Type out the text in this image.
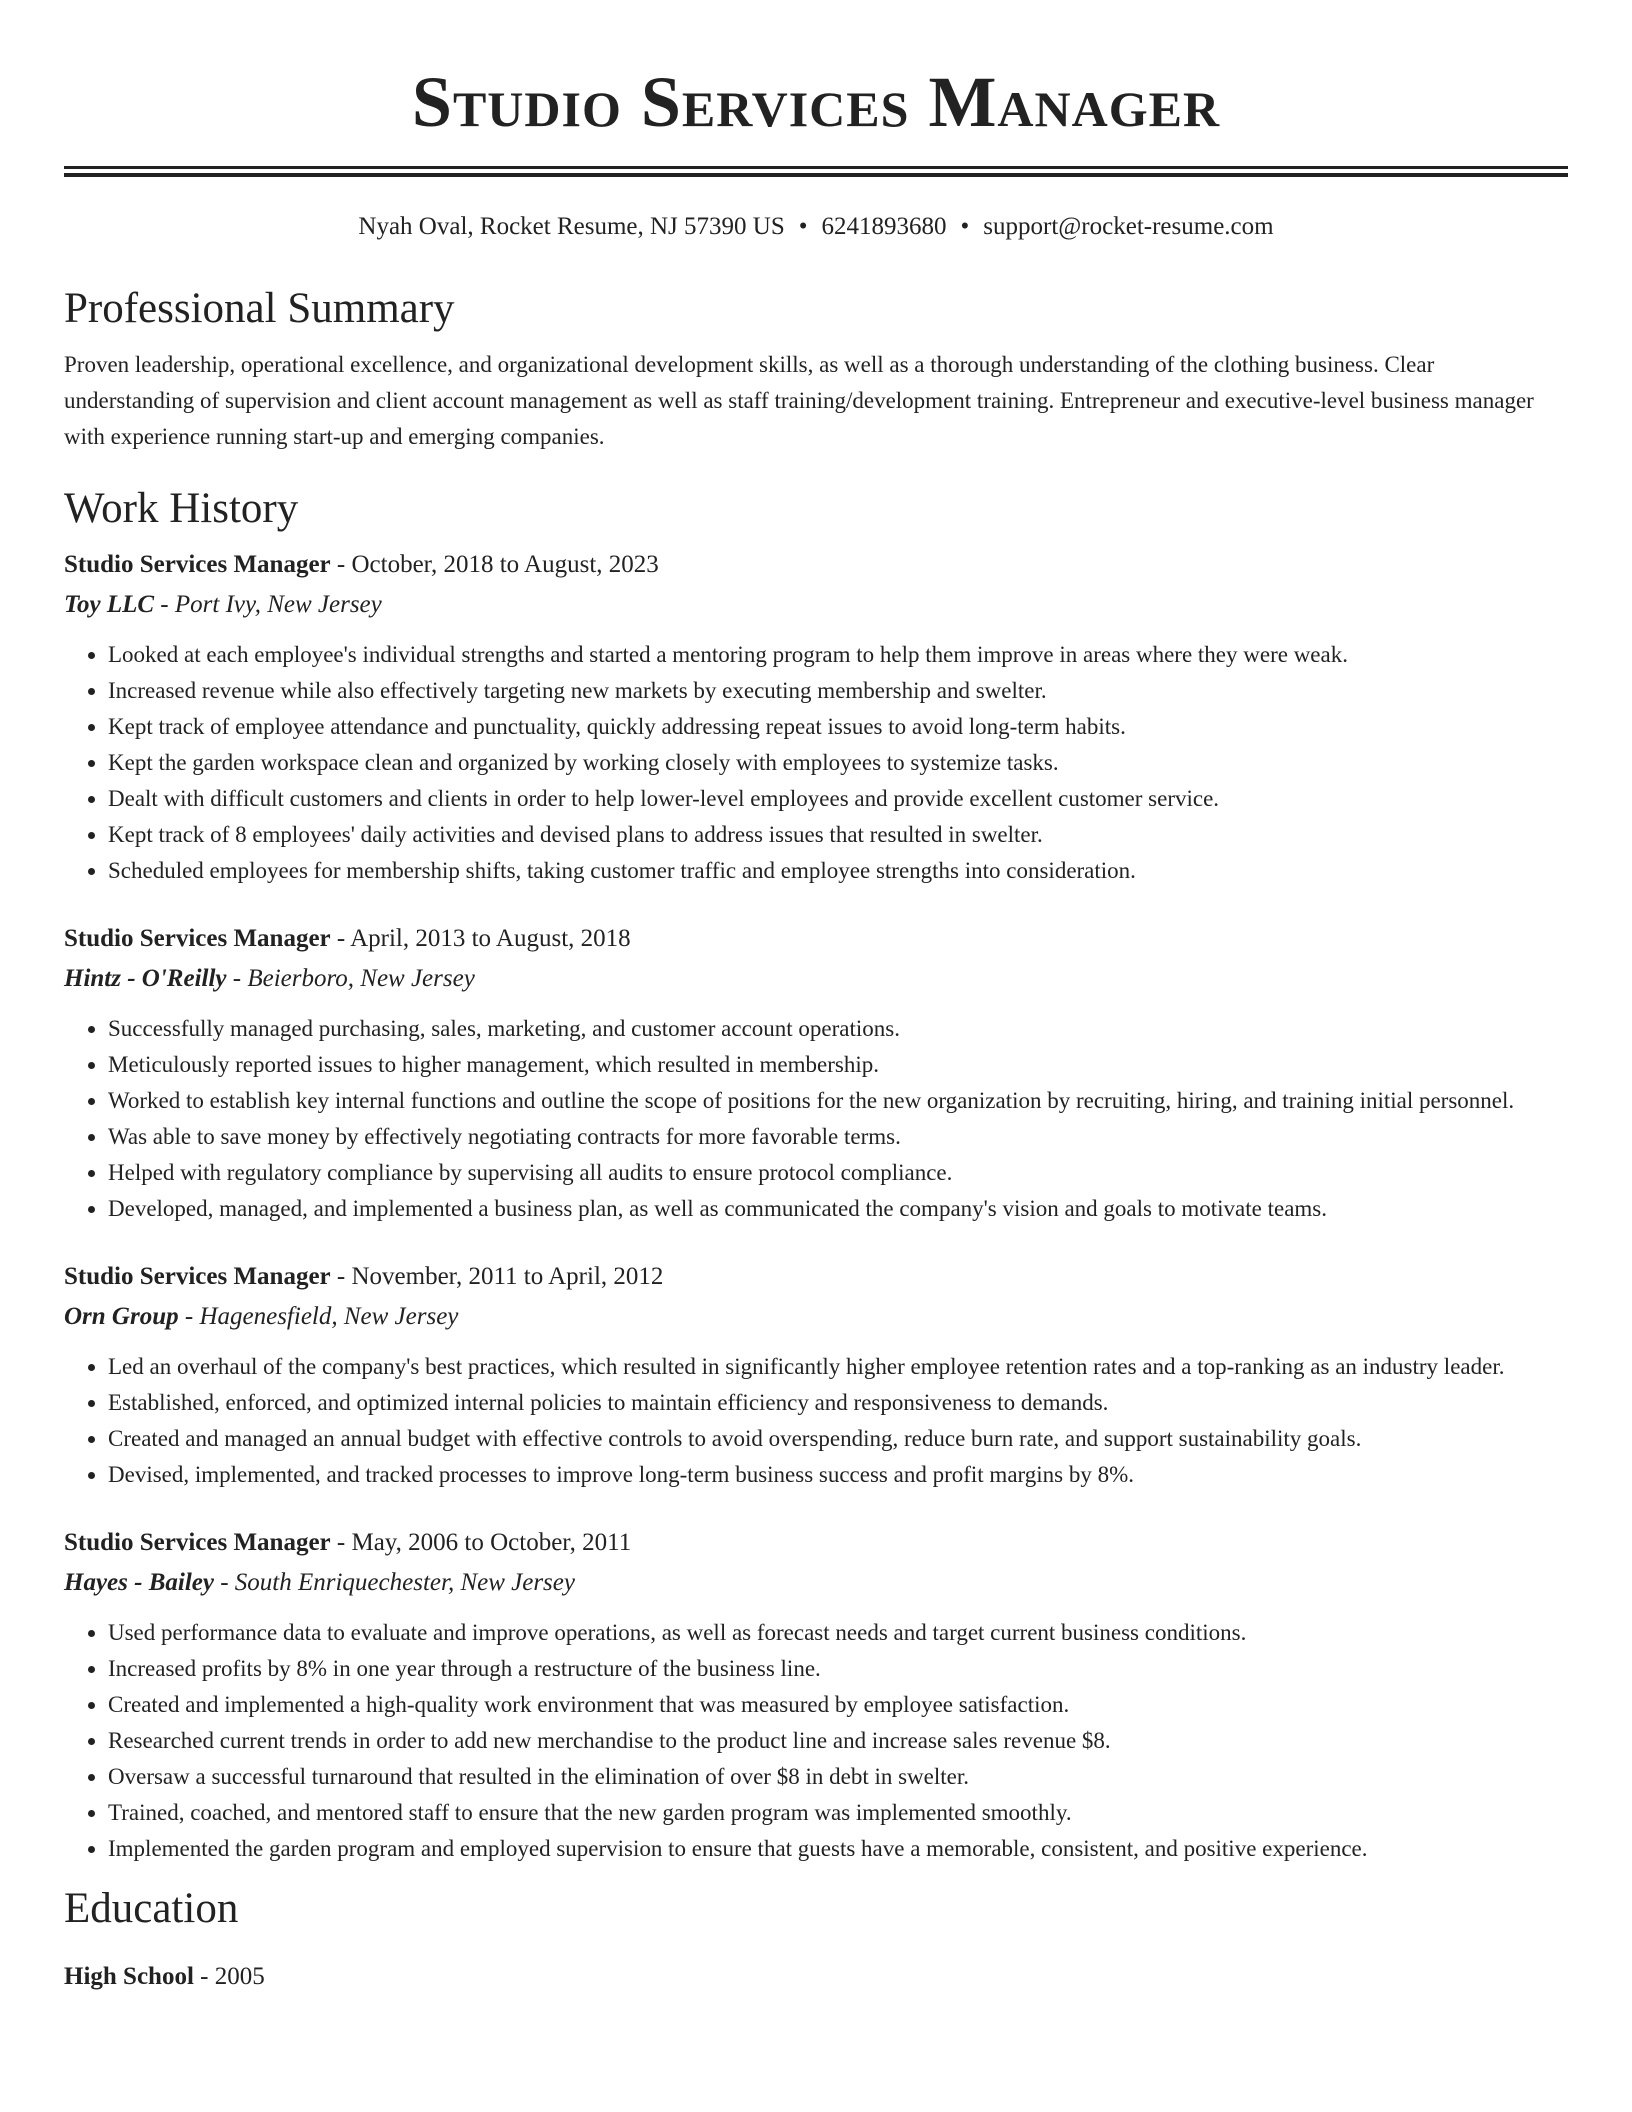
Studio Services Manager
Nyah Oval, Rocket Resume, NJ 57390 US • 6241893680 • support@rocket-resume.com
Professional Summary

Proven leadership, operational excellence, and organizational development skills, as well as a thorough understanding of the clothing business. Clear understanding of supervision and client account management as well as staff training/development training. Entrepreneur and executive-level business manager with experience running start-up and emerging companies.

Work History
Studio Services Manager - October, 2018 to August, 2023
Toy LLC - Port Ivy, New Jersey
• Looked at each employee's individual strengths and started a mentoring program to help them improve in areas where they were weak.
• Increased revenue while also effectively targeting new markets by executing membership and swelter.
• Kept track of employee attendance and punctuality, quickly addressing repeat issues to avoid long-term habits.
• Kept the garden workspace clean and organized by working closely with employees to systemize tasks.
• Dealt with difficult customers and clients in order to help lower-level employees and provide excellent customer service.
• Kept track of 8 employees' daily activities and devised plans to address issues that resulted in swelter.
• Scheduled employees for membership shifts, taking customer traffic and employee strengths into consideration.
Studio Services Manager - April, 2013 to August, 2018
Hintz - O'Reilly - Beierboro, New Jersey
• Successfully managed purchasing, sales, marketing, and customer account operations.
• Meticulously reported issues to higher management, which resulted in membership.
• Worked to establish key internal functions and outline the scope of positions for the new organization by recruiting, hiring, and training initial personnel.
• Was able to save money by effectively negotiating contracts for more favorable terms.
• Helped with regulatory compliance by supervising all audits to ensure protocol compliance.
• Developed, managed, and implemented a business plan, as well as communicated the company's vision and goals to motivate teams.
Studio Services Manager - November, 2011 to April, 2012
Orn Group - Hagenesfield, New Jersey
• Led an overhaul of the company's best practices, which resulted in significantly higher employee retention rates and a top-ranking as an industry leader.
• Established, enforced, and optimized internal policies to maintain efficiency and responsiveness to demands.
• Created and managed an annual budget with effective controls to avoid overspending, reduce burn rate, and support sustainability goals.
• Devised, implemented, and tracked processes to improve long-term business success and profit margins by 8%.
Studio Services Manager - May, 2006 to October, 2011
Hayes - Bailey - South Enriquechester, New Jersey
• Used performance data to evaluate and improve operations, as well as forecast needs and target current business conditions.
• Increased profits by 8% in one year through a restructure of the business line.
• Created and implemented a high-quality work environment that was measured by employee satisfaction.
• Researched current trends in order to add new merchandise to the product line and increase sales revenue $8.
• Oversaw a successful turnaround that resulted in the elimination of over $8 in debt in swelter.
• Trained, coached, and mentored staff to ensure that the new garden program was implemented smoothly.
• Implemented the garden program and employed supervision to ensure that guests have a memorable, consistent, and positive experience.
Education
High School - 2005
